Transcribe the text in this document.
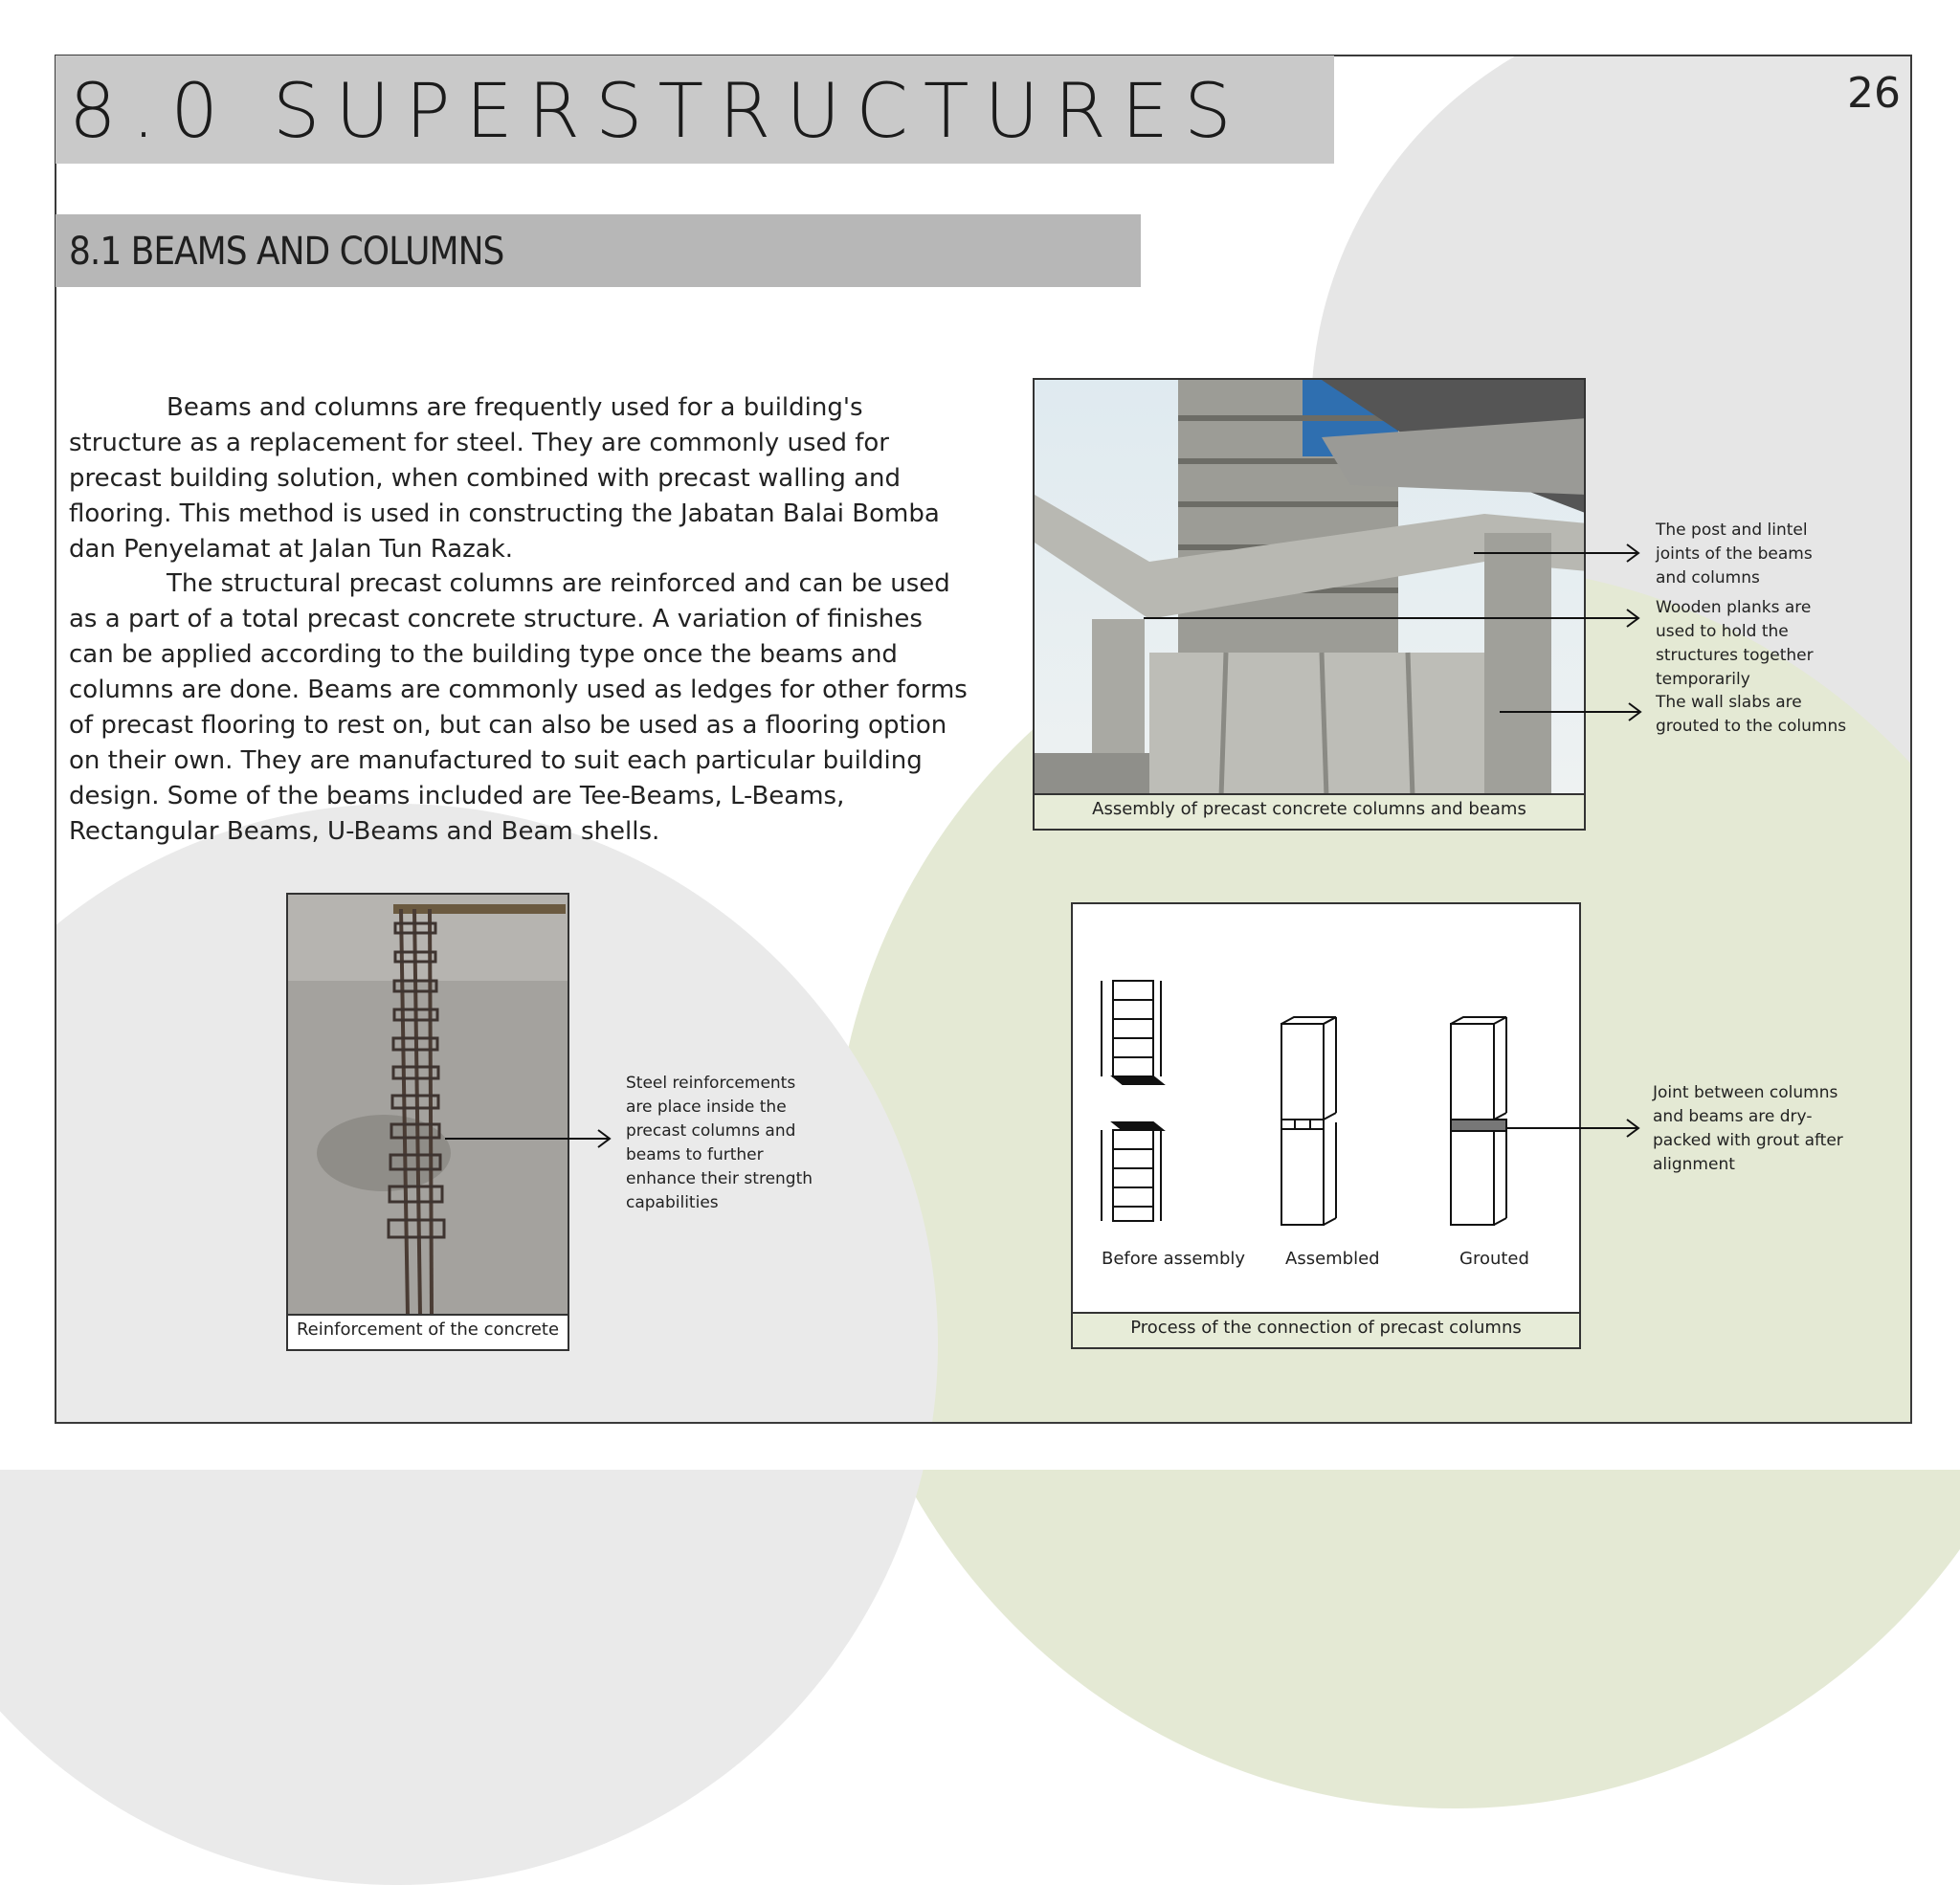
8.0 SUPERSTRUCTURES	26
8.1 BEAMS AND COLUMNS

Beams and columns are frequently used for a building's structure as a replacement for steel. They are commonly used for precast building solution, when combined with precast walling and flooring. This method is used in constructing the Jabatan Balai Bomba dan Penyelamat at Jalan Tun Razak.

The structural precast columns are reinforced and can be used as a part of a total precast concrete structure. A variation of finishes can be applied according to the building type once the beams and columns are done. Beams are commonly used as ledges for other forms of precast flooring to rest on, but can also be used as a flooring option on their own. They are manufactured to suit each particular building design. Some of the beams included are Tee-Beams, L-Beams, Rectangular Beams, U-Beams and Beam shells.

Assembly of precast concrete columns and beams
The post and lintel joints of the beams and columns
Wooden planks are used to hold the structures together temporarily
The wall slabs are grouted to the columns
Reinforcement of the concrete
Steel reinforcements are place inside the precast columns and beams to further enhance their strength capabilities
Before assembly Assembled	Grouted
Process of the connection of precast columns
Joint between columns and beams are dry-packed with grout after alignment
